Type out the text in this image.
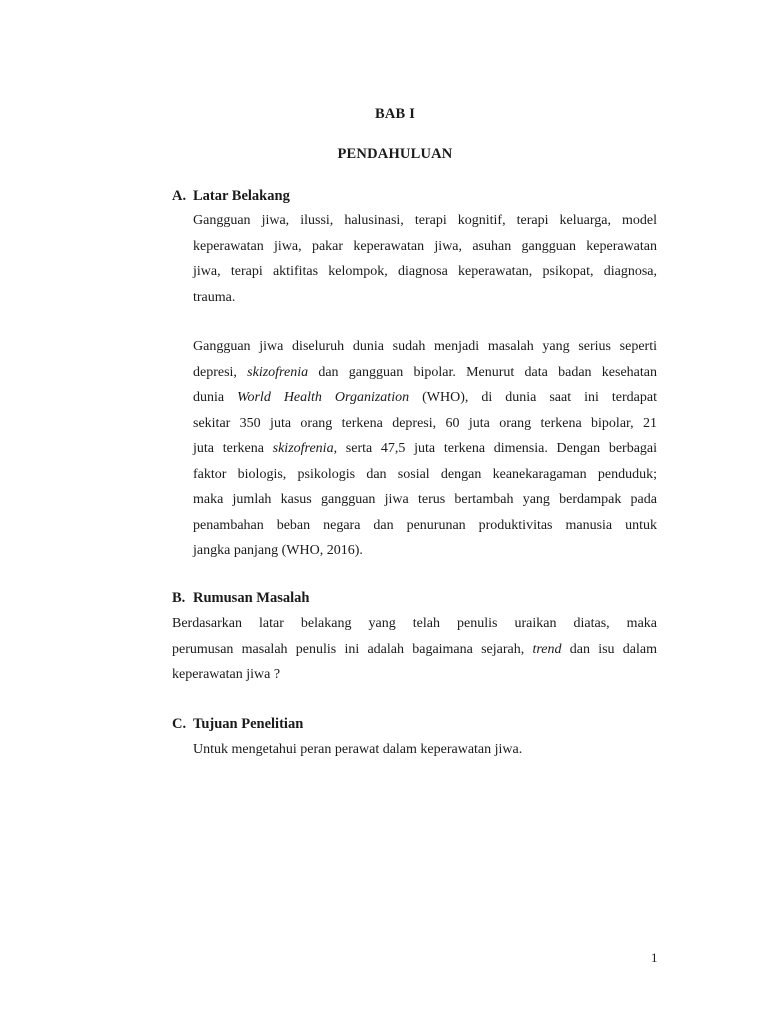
BAB I
PENDAHULUAN
A. Latar Belakang
Gangguan jiwa, ilussi, halusinasi, terapi kognitif, terapi keluarga, model
keperawatan jiwa, pakar keperawatan jiwa, asuhan gangguan keperawatan
jiwa, terapi aktifitas kelompok, diagnosa keperawatan, psikopat, diagnosa,
trauma.
Gangguan jiwa diseluruh dunia sudah menjadi masalah yang serius seperti
depresi, skizofrenia dan gangguan bipolar. Menurut data badan kesehatan
dunia World Health Organization (WHO), di dunia saat ini terdapat
sekitar 350 juta orang terkena depresi, 60 juta orang terkena bipolar, 21
juta terkena skizofrenia, serta 47,5 juta terkena dimensia. Dengan berbagai
faktor biologis, psikologis dan sosial dengan keanekaragaman penduduk;
maka jumlah kasus gangguan jiwa terus bertambah yang berdampak pada
penambahan beban negara dan penurunan produktivitas manusia untuk
jangka panjang (WHO, 2016).
B. Rumusan Masalah
Berdasarkan latar belakang yang telah penulis uraikan diatas, maka
perumusan masalah penulis ini adalah bagaimana sejarah, trend dan isu dalam
keperawatan jiwa ?
C. Tujuan Penelitian
Untuk mengetahui peran perawat dalam keperawatan jiwa.
1
